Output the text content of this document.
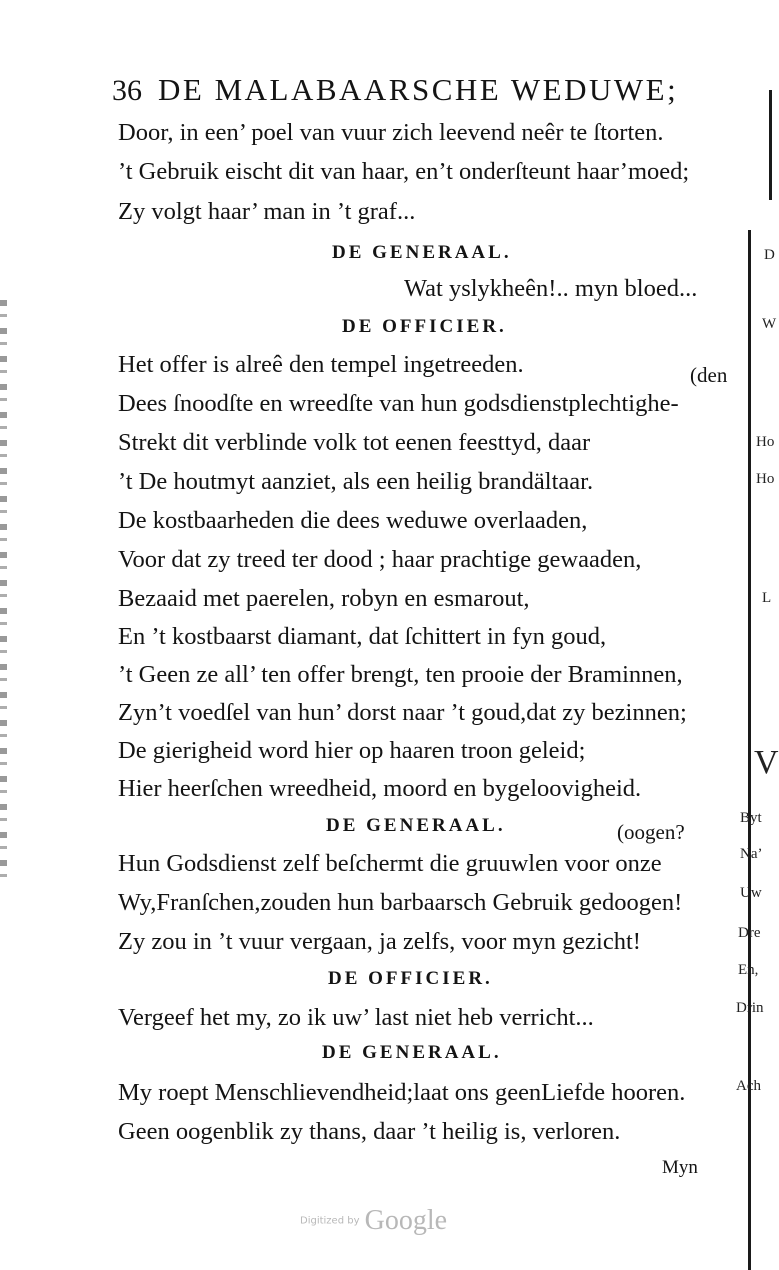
36 DE MALABAARSCHE WEDUWE;
Door, in een’ poel van vuur zich leevend neêr te ſtorten.
’t Gebruik eischt dit van haar, en’t onderſteunt haar’moed;
Zy volgt haar’ man in ’t graf...
DE GENERAAL.
Wat yslykheên!.. myn bloed...
DE OFFICIER.
Het offer is alreê den tempel ingetreeden.	(den
Dees ſnoodſte en wreedſte van hun godsdienstplechtighe-
Strekt dit verblinde volk tot eenen feesttyd, daar
’t De houtmyt aanziet, als een heilig brandältaar.
De kostbaarheden die dees weduwe overlaaden,
Voor dat zy treed ter dood ; haar prachtige gewaaden,
Bezaaid met paerelen, robyn en esmarout,
En ’t kostbaarst diamant, dat ſchittert in fyn goud,
’t Geen ze all’ ten offer brengt, ten prooie der Braminnen,
Zyn’t voedſel van hun’ dorst naar ’t goud,dat zy bezinnen;
De gierigheid word hier op haaren troon geleid;
Hier heerſchen wreedheid, moord en bygeloovigheid.
DE GENERAAL.	(oogen?
Hun Godsdienst zelf beſchermt die gruuwlen voor onze
Wy,Franſchen,zouden hun barbaarsch Gebruik gedoogen!
Zy zou in ’t vuur vergaan, ja zelfs, voor myn gezicht!
DE OFFICIER.
Vergeef het my, zo ik uw’ last niet heb verricht...
DE GENERAAL.
My roept Menschlievendheid;laat ons geenLiefde hooren.
Geen oogenblik zy thans, daar ’t heilig is, verloren.
Myn
D
W
Ho
Ho
L
V
Byt
Na’
Uw
Dre
En,
Drin
Ach
Digitized by Google
